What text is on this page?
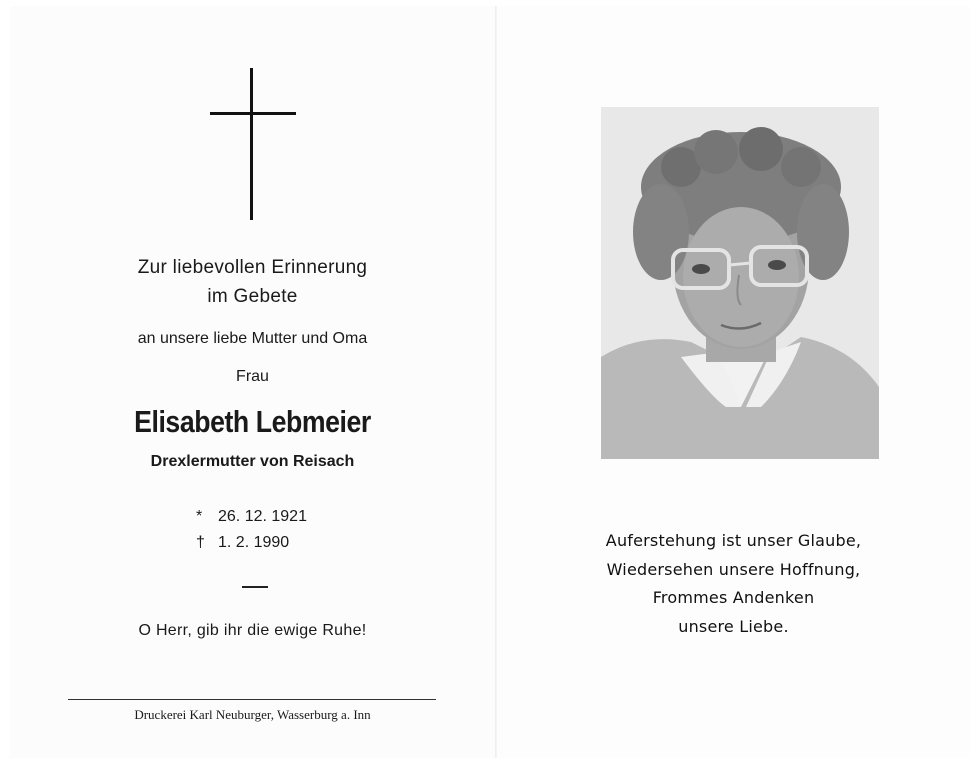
Zur liebevollen Erinnerung
im Gebete
an unsere liebe Mutter und Oma
Frau
Elisabeth Lebmeier
Drexlermutter von Reisach
* 26. 12. 1921
† 1. 2. 1990
O Herr, gib ihr die ewige Ruhe!
Druckerei Karl Neuburger, Wasserburg a. Inn
Auferstehung ist unser Glaube,
Wiedersehen unsere Hoffnung,
Frommes Andenken
unsere Liebe.
